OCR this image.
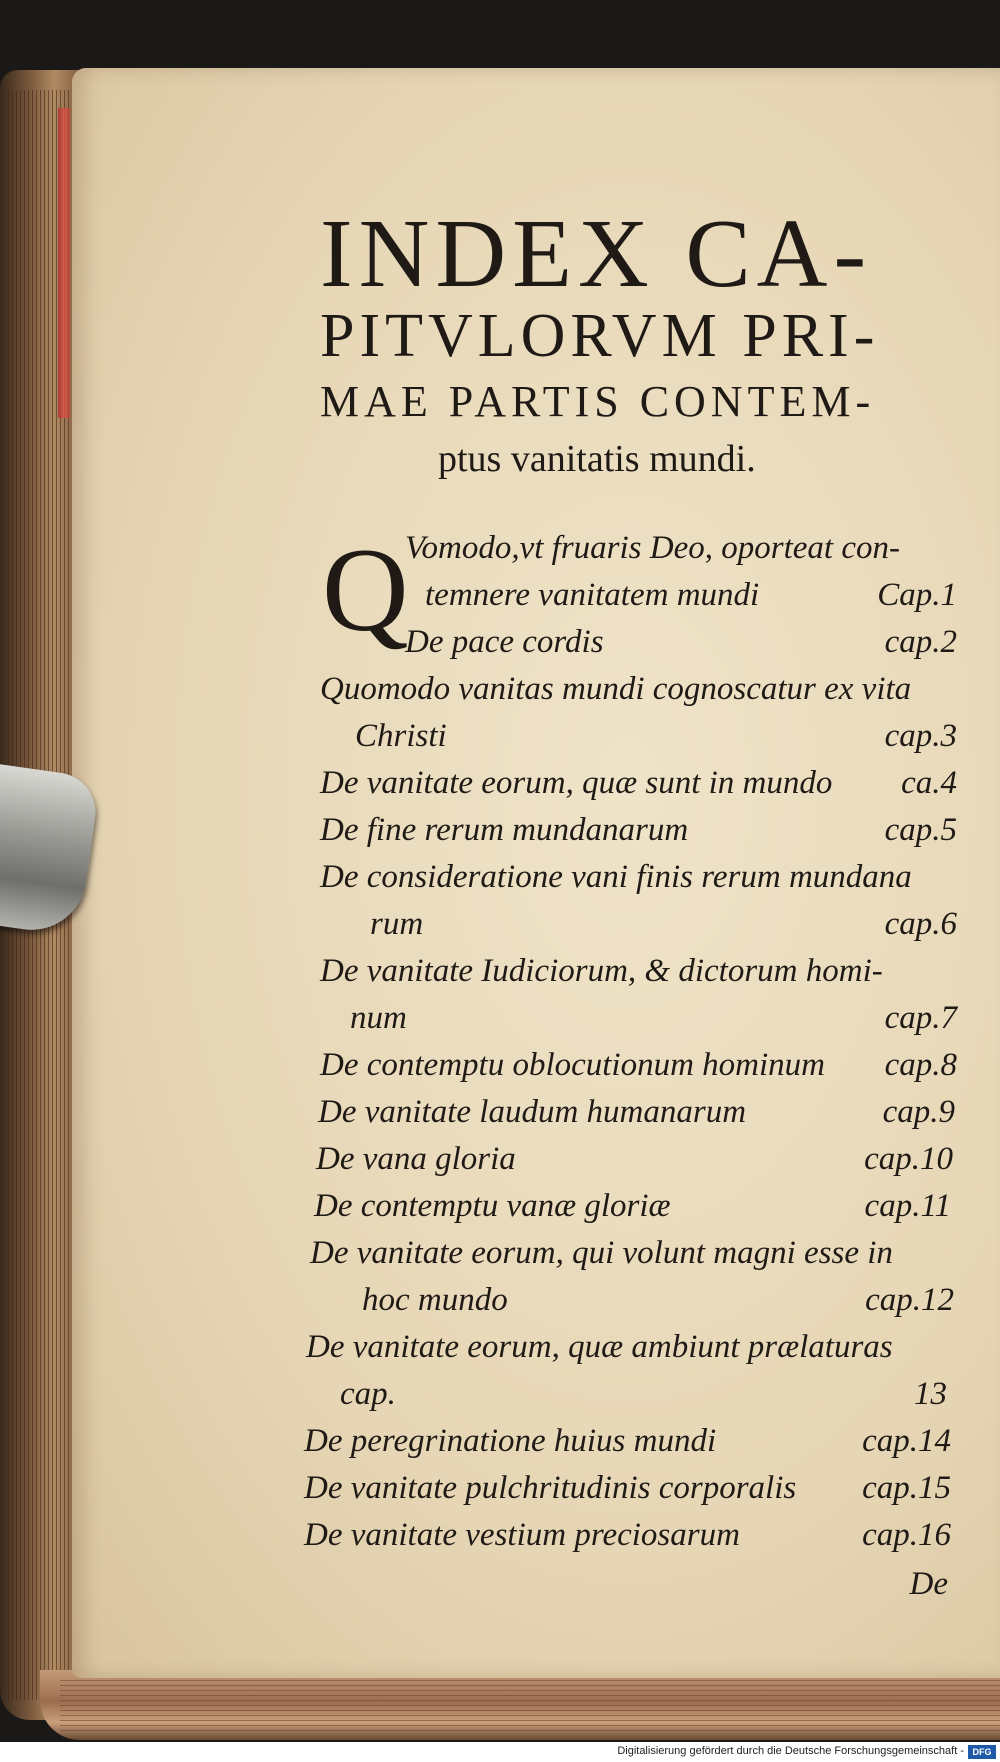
INDEX CA-
PITVLORVM PRI-
MAE PARTIS CONTEM-
ptus vanitatis mundi.
Q
Vomodo,vt fruaris Deo, oporteat con-
temnere vanitatem mundi	Cap.1
De pace cordis	cap.2
Quomodo vanitas mundi cognoscatur ex vita
Christi	cap.3
De vanitate eorum, quæ sunt in mundo ca.4
De fine rerum mundanarum	cap.5
De consideratione vani finis rerum mundana
rum	cap.6
De vanitate Iudiciorum, & dictorum homi-
num	cap.7
De contemptu oblocutionum hominum cap.8
De vanitate laudum humanarum	cap.9
De vana gloria	cap.10
De contemptu vanæ gloriæ	cap.11
De vanitate eorum, qui volunt magni esse in
hoc mundo	cap.12
De vanitate eorum, quæ ambiunt prælaturas
cap.	13
De peregrinatione huius mundi	cap.14
De vanitate pulchritudinis corporalis cap.15
De vanitate vestium preciosarum	cap.16
De
Digitalisierung gefördert durch die Deutsche Forschungsgemeinschaft - DFG
